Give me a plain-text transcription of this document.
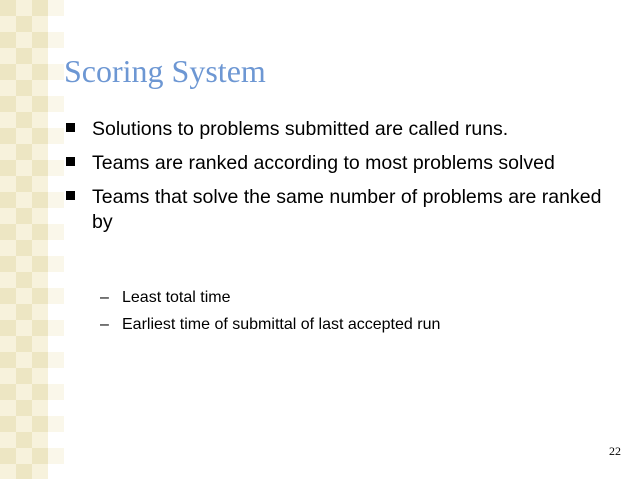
Scoring System
Solutions to problems submitted are called runs.
Teams are ranked according to most problems solved
Teams that solve the same number of problems are ranked by
– Least total time
– Earliest time of submittal of last accepted run
22
